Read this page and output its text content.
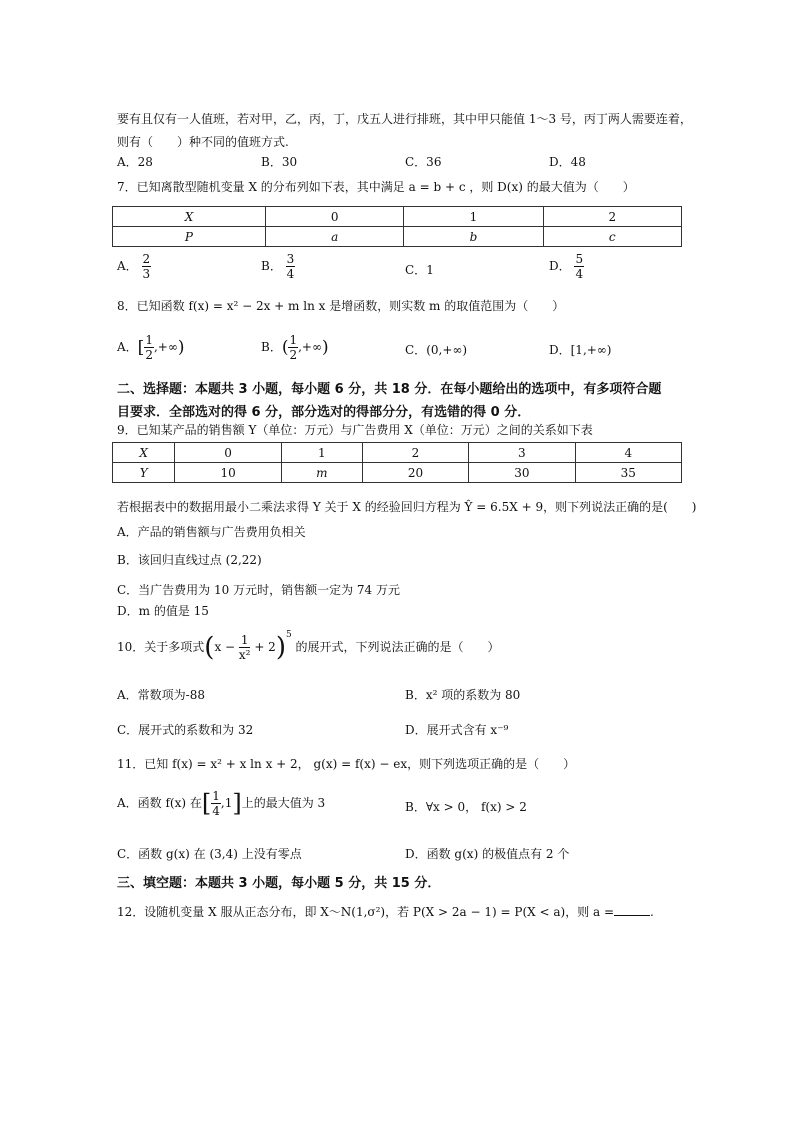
要有且仅有一人值班，若对甲，乙，丙，丁，戊五人进行排班，其中甲只能值 1～3 号，丙丁两人需要连着，
则有（　　）种不同的值班方式.
A．28	B．30	C．36	D．48
7．已知离散型随机变量 X 的分布列如下表，其中满足 a = b + c ，则 D(x) 的最大值为（　　）
X	0	1	2
P	a	b	c
A． $\frac{2}{3}$	B． $\frac{3}{4}$	C．1	D． $\frac{5}{4}$
8．已知函数 f(x) = x² − 2x + m ln x 是增函数，则实数 m 的取值范围为（　　）
A．[ $\frac{1}{2}$ ,+∞)	B．( $\frac{1}{2}$ ,+∞)	C．(0,+∞)	D．[1,+∞)
二、选择题：本题共 3 小题，每小题 6 分，共 18 分．在每小题给出的选项中，有多项符合题
目要求．全部选对的得 6 分，部分选对的得部分分，有选错的得 0 分．
9．已知某产品的销售额 Y（单位：万元）与广告费用 X（单位：万元）之间的关系如下表
X	0	1	2	3	4
Y	10	m	20	30	35
若根据表中的数据用最小二乘法求得 Y 关于 X 的经验回归方程为 Ŷ = 6.5X + 9，则下列说法正确的是(　　)
A．产品的销售额与广告费用负相关
B．该回归直线过点 (2,22)
C．当广告费用为 10 万元时，销售额一定为 74 万元
D．m 的值是 15
10．关于多项式$(x - \frac{1}{\text{x²}} + 2)^5$ 的展开式，下列说法正确的是（　　）
A．常数项为-88	B．x² 项的系数为 80
C．展开式的系数和为 32	D．展开式含有 x⁻⁹
11．已知 f(x) = x² + x ln x + 2， g(x) = f(x) − ex，则下列选项正确的是（　　）
A．函数 f(x) 在[ $\frac{1}{4} ,1$]上的最大值为 3	B．∀x > 0， f(x) > 2
C．函数 g(x) 在 (3,4) 上没有零点	D．函数 g(x) 的极值点有 2 个
三、填空题：本题共 3 小题，每小题 5 分，共 15 分．
12．设随机变量 X 服从正态分布，即 X～N(1,σ²)，若 P(X > 2a − 1) = P(X < a)，则 a =	.
